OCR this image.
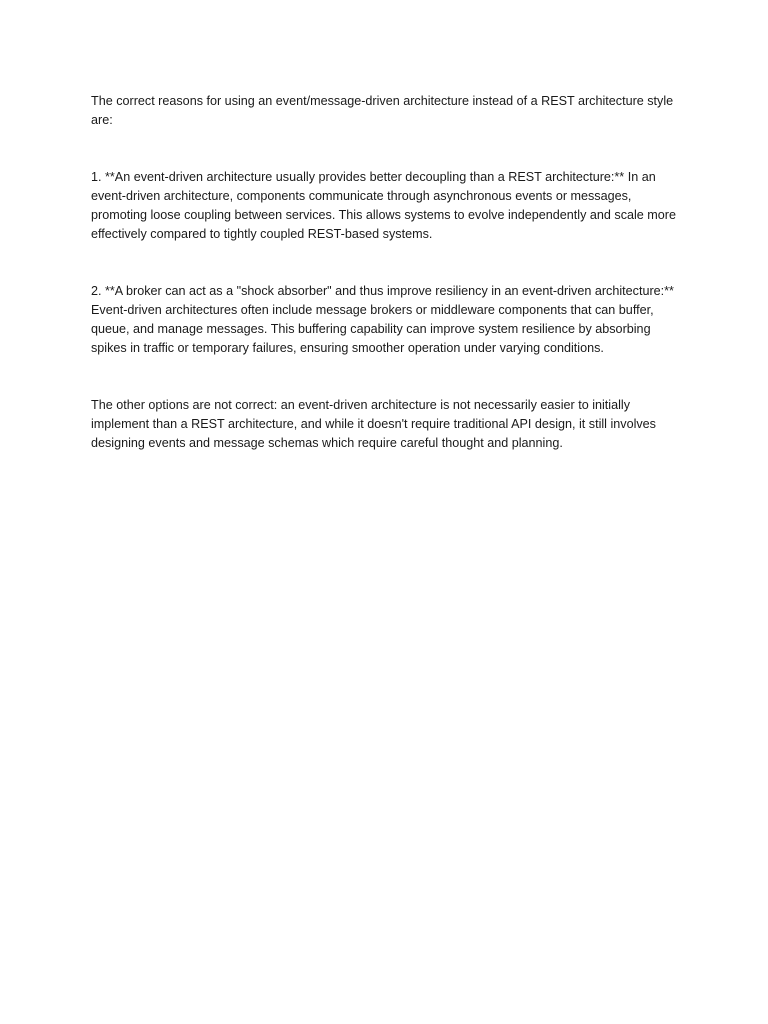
The correct reasons for using an event/message-driven architecture instead of a REST architecture style are:

1. **An event-driven architecture usually provides better decoupling than a REST architecture:** In an event-driven architecture, components communicate through asynchronous events or messages, promoting loose coupling between services. This allows systems to evolve independently and scale more effectively compared to tightly coupled REST-based systems.

2. **A broker can act as a "shock absorber" and thus improve resiliency in an event-driven architecture:** Event-driven architectures often include message brokers or middleware components that can buffer, queue, and manage messages. This buffering capability can improve system resilience by absorbing spikes in traffic or temporary failures, ensuring smoother operation under varying conditions.

The other options are not correct: an event-driven architecture is not necessarily easier to initially implement than a REST architecture, and while it doesn't require traditional API design, it still involves designing events and message schemas which require careful thought and planning.
